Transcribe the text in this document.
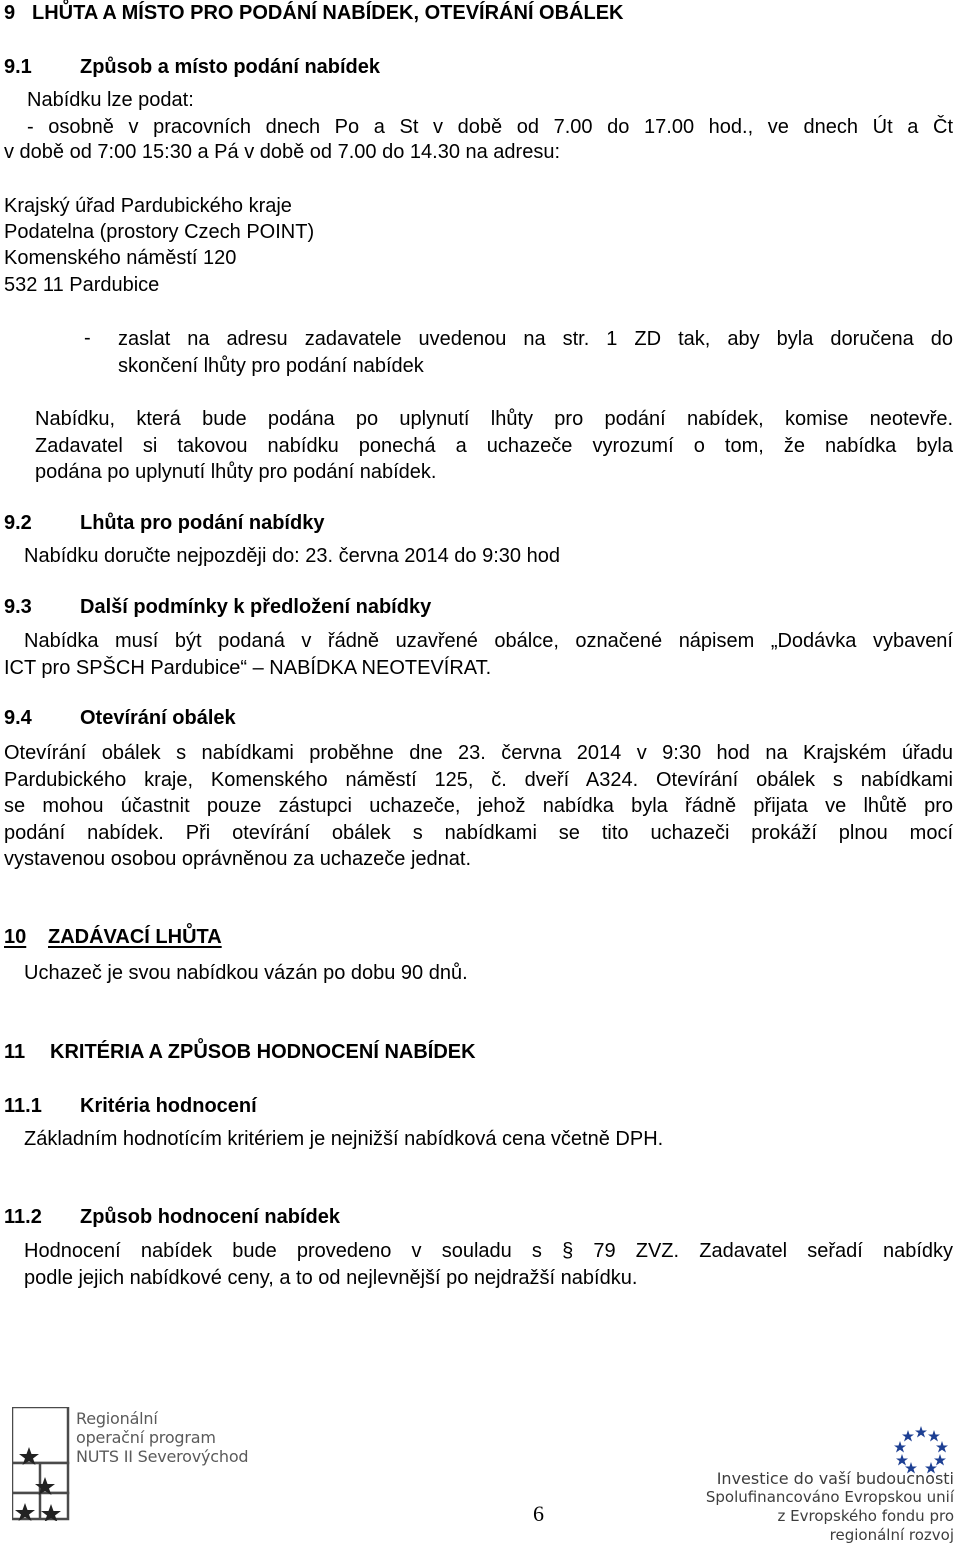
9 LHŮTA A MÍSTO PRO PODÁNÍ NABÍDEK, OTEVÍRÁNÍ OBÁLEK
9.1 Způsob a místo podání nabídek
Nabídku lze podat:
- osobně v pracovních dnech Po a St v době od 7.00 do 17.00 hod., ve dnech Út a Čt
v době od 7:00 15:30 a Pá v době od 7.00 do 14.30 na adresu:
Krajský úřad Pardubického kraje
Podatelna (prostory Czech POINT)
Komenského náměstí 120
532 11 Pardubice
- zaslat na adresu zadavatele uvedenou na str. 1 ZD tak, aby byla doručena do
skončení lhůty pro podání nabídek
Nabídku, která bude podána po uplynutí lhůty pro podání nabídek, komise neotevře.
Zadavatel si takovou nabídku ponechá a uchazeče vyrozumí o tom, že nabídka byla
podána po uplynutí lhůty pro podání nabídek.
9.2 Lhůta pro podání nabídky
Nabídku doručte nejpozději do: 23. června 2014 do 9:30 hod
9.3 Další podmínky k předložení nabídky
Nabídka musí být podaná v řádně uzavřené obálce, označené nápisem „Dodávka vybavení
ICT pro SPŠCH Pardubice“ – NABÍDKA NEOTEVÍRAT.
9.4 Otevírání obálek
Otevírání obálek s nabídkami proběhne dne 23. června 2014 v 9:30 hod na Krajském úřadu
Pardubického kraje, Komenského náměstí 125, č. dveří A324. Otevírání obálek s nabídkami
se mohou účastnit pouze zástupci uchazeče, jehož nabídka byla řádně přijata ve lhůtě pro
podání nabídek. Při otevírání obálek s nabídkami se tito uchazeči prokáží plnou mocí
vystavenou osobou oprávněnou za uchazeče jednat.
10 ZADÁVACÍ LHŮTA
Uchazeč je svou nabídkou vázán po dobu 90 dnů.
11 KRITÉRIA A ZPŮSOB HODNOCENÍ NABÍDEK
11.1 Kritéria hodnocení
Základním hodnotícím kritériem je nejnižší nabídková cena včetně DPH.
11.2 Způsob hodnocení nabídek
Hodnocení nabídek bude provedeno v souladu s § 79 ZVZ. Zadavatel seřadí nabídky
podle jejich nabídkové ceny, a to od nejlevnější po nejdražší nabídku.
Regionální
operační program
NUTS II Severovýchod
6
Investice do vaší budoucnosti
Spolufinancováno Evropskou unií
z Evropského fondu pro regionální rozvoj
